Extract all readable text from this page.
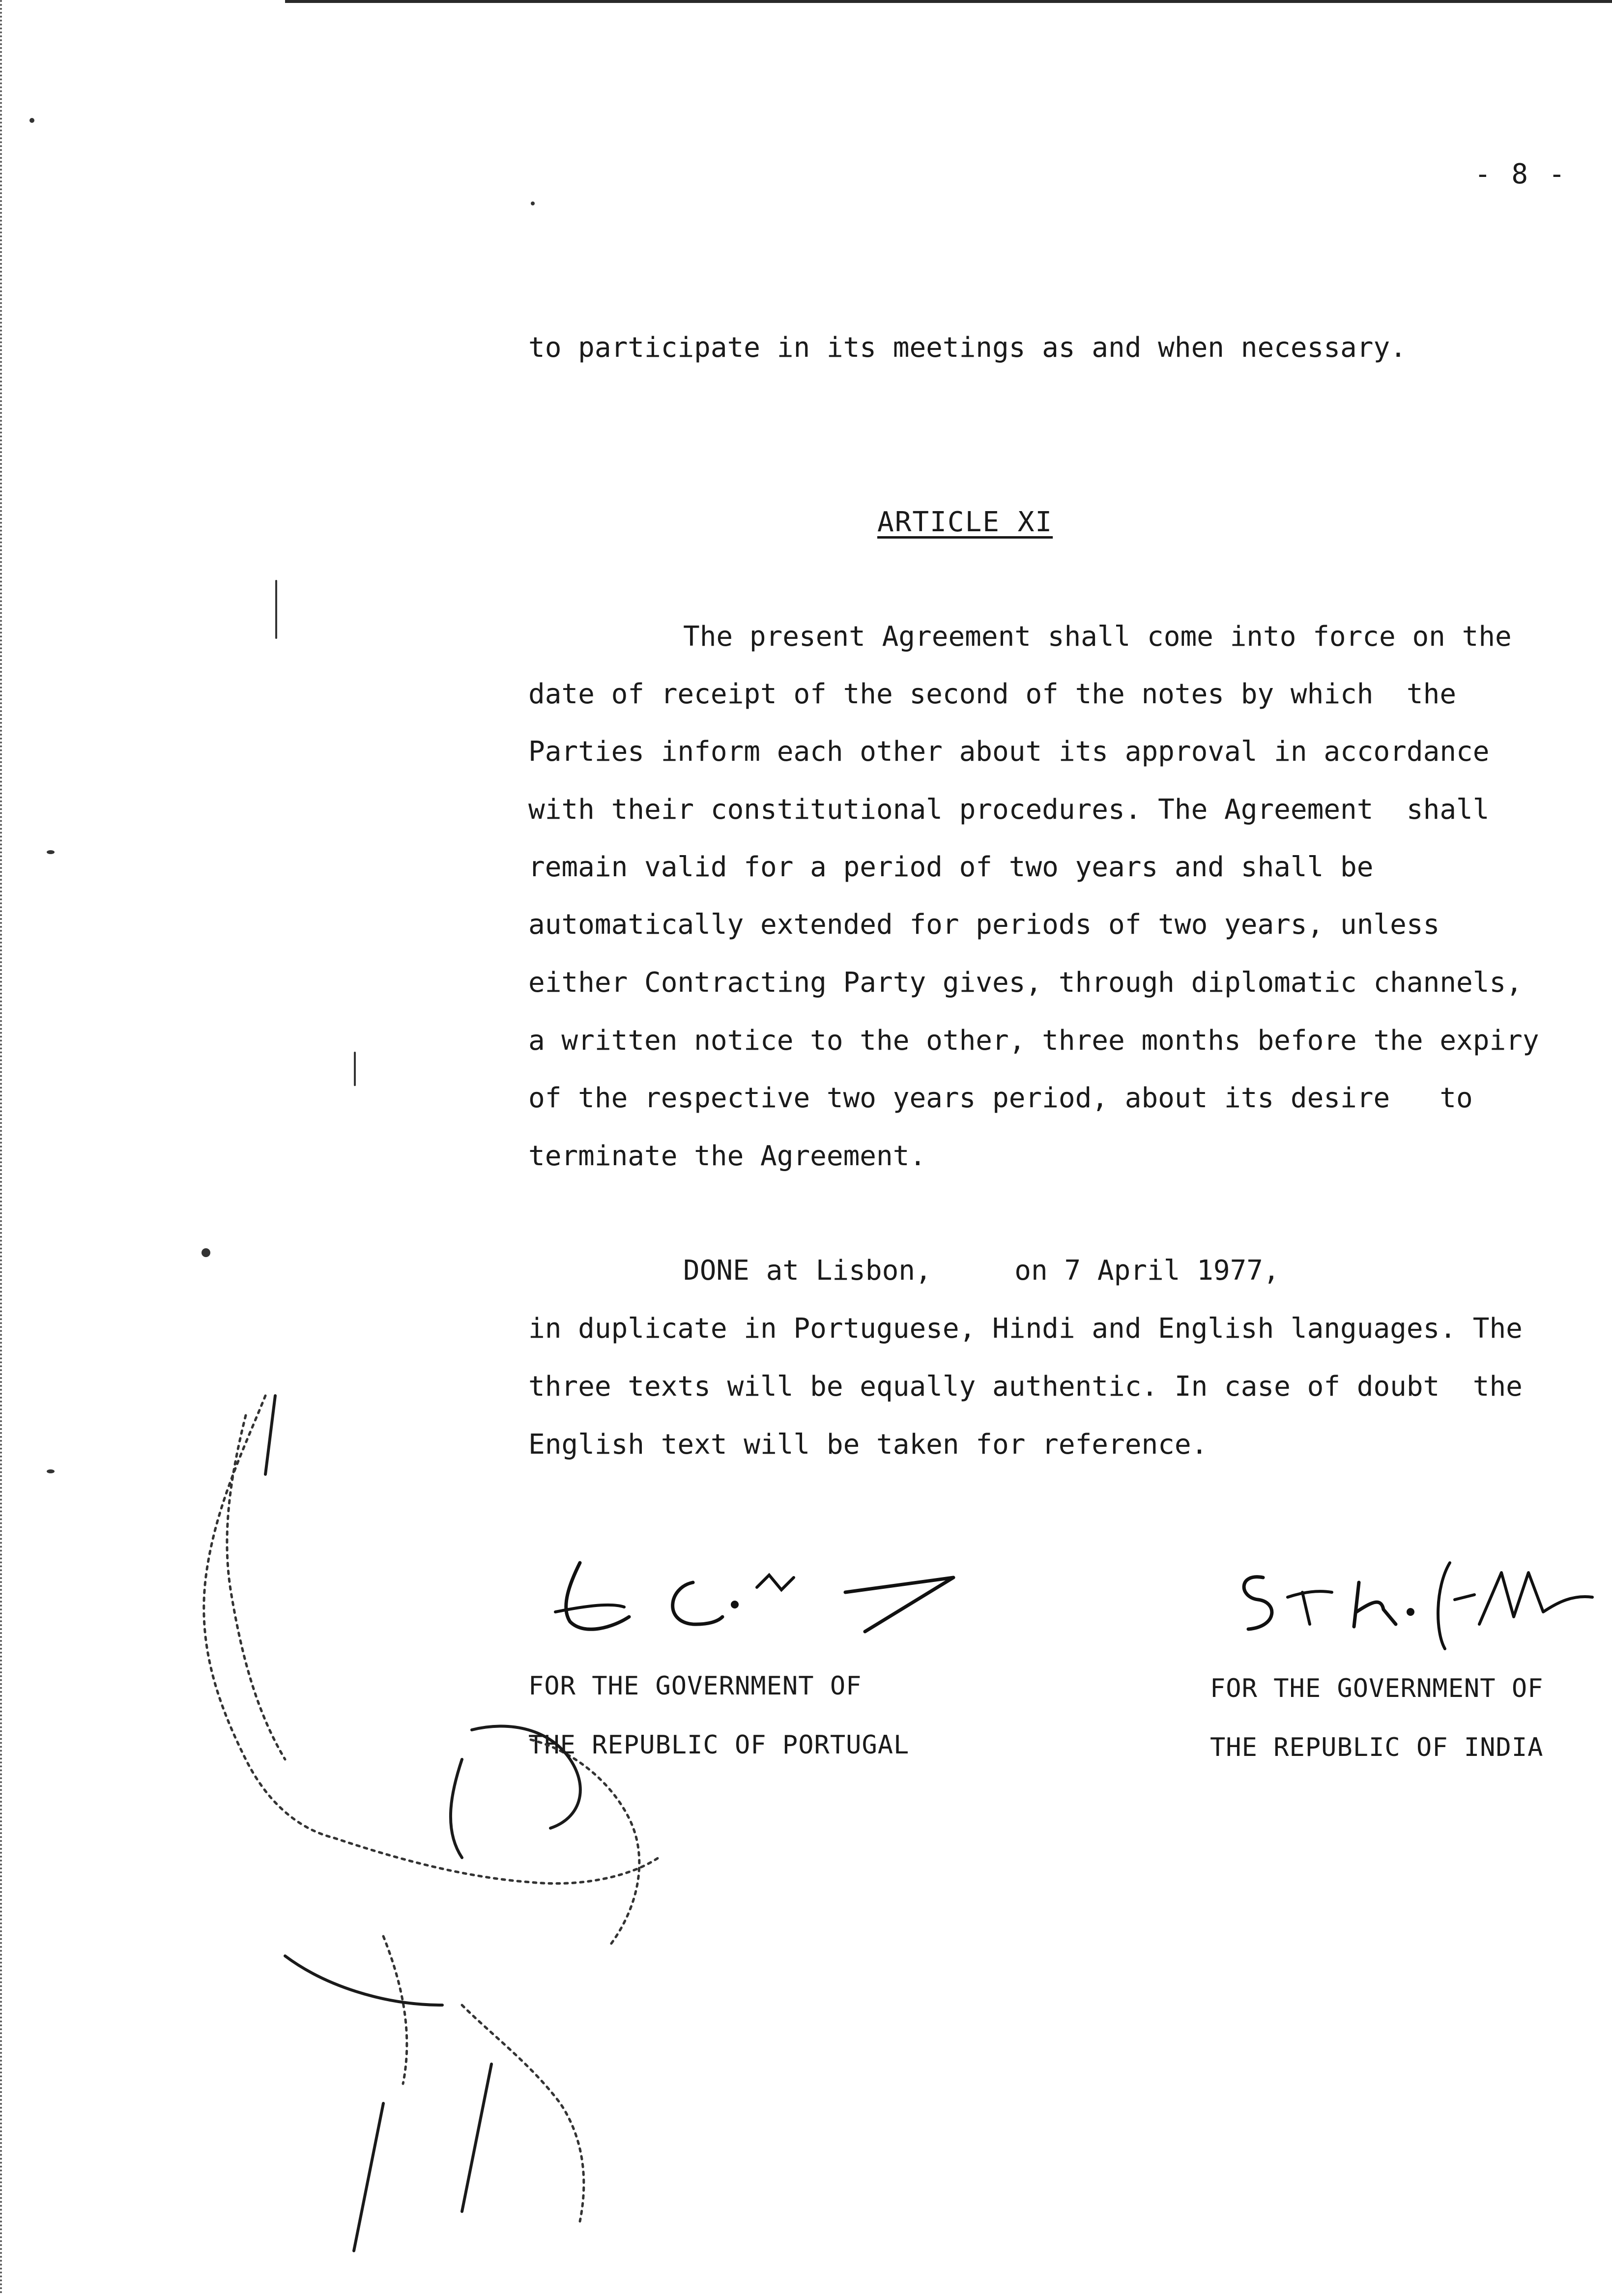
- 8 -
to participate in its meetings as and when necessary.
ARTICLE XI
The present Agreement shall come into force on the
date of receipt of the second of the notes by which  the
Parties inform each other about its approval in accordance
with their constitutional procedures. The Agreement  shall
remain valid for a period of two years and shall be
automatically extended for periods of two years, unless
either Contracting Party gives, through diplomatic channels,
a written notice to the other, three months before the expiry
of the respective two years period, about its desire   to
terminate the Agreement.
DONE at Lisbon,     on 7 April 1977,
in duplicate in Portuguese, Hindi and English languages. The
three texts will be equally authentic. In case of doubt  the
English text will be taken for reference.
FOR THE GOVERNMENT OF
THE REPUBLIC OF PORTUGAL
FOR THE GOVERNMENT OF
THE REPUBLIC OF INDIA
